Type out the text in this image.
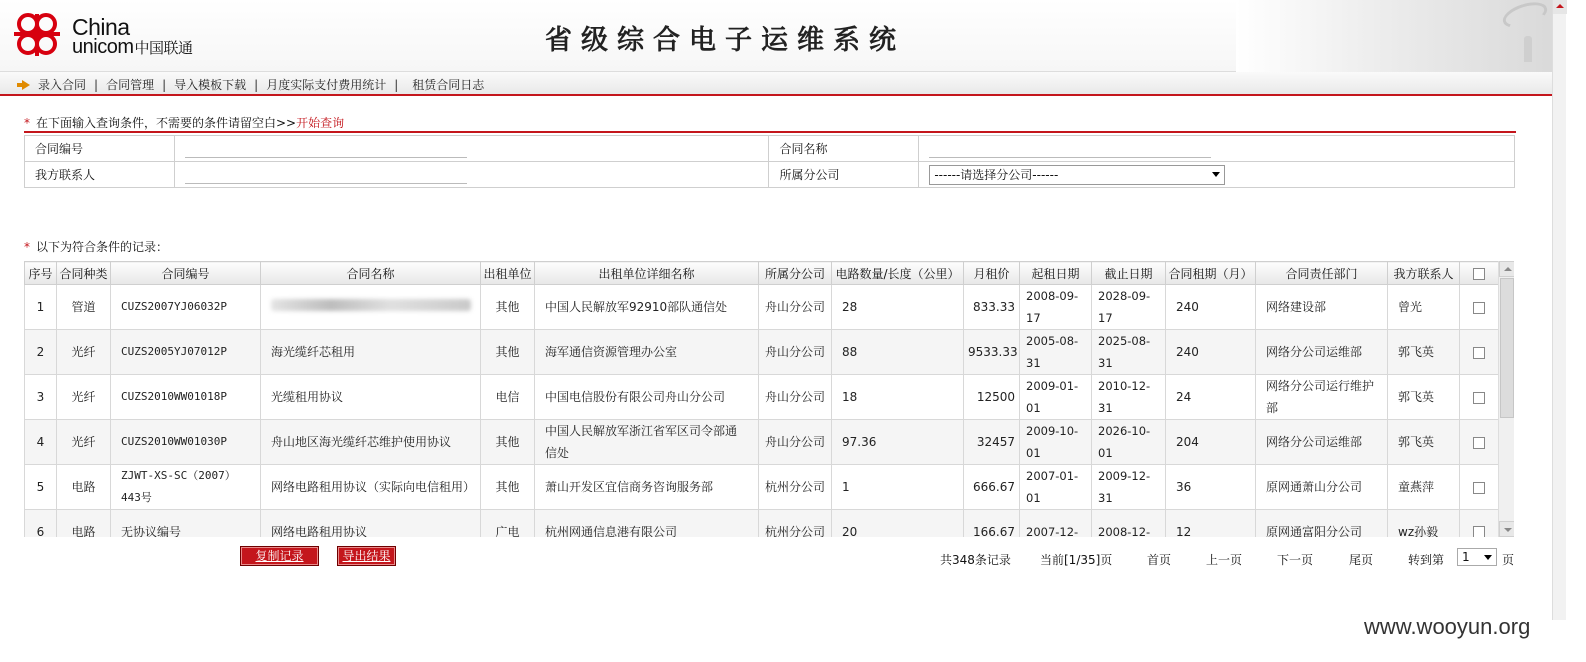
China
unicom中国联通	省级综合电子运维系统
录入合同 | 合同管理 | 导入模板下载 | 月度实际支付费用统计 | 租赁合同日志
* 在下面输入查询条件，不需要的条件请留空白>> 开始查询
合同编号		合同名称	
我方联系人		所属分公司	------请选择分公司------
* 以下为符合条件的记录：
序号	合同种类	合同编号	合同名称	出租单位	出租单位详细名称	所属分公司	电路数量/长度（公里）	月租价	起租日期	截止日期	合同租期（月）	合同责任部门	我方联系人	
1	管道	CUZS2007YJ06032P		其他	中国人民解放军92910部队通信处	舟山分公司	28	833.33	2008-09-17	2028-09-17	240	网络建设部	曾光	
2	光纤	CUZS2005YJ07012P	海光缆纤芯租用	其他	海军通信资源管理办公室	舟山分公司	88	9533.33	2005-08-31	2025-08-31	240	网络分公司运维部	郭飞英	
3	光纤	CUZS2010WW01018P	光缆租用协议	电信	中国电信股份有限公司舟山分公司	舟山分公司	18	12500	2009-01-01	2010-12-31	24	网络分公司运行维护部	郭飞英	
4	光纤	CUZS2010WW01030P	舟山地区海光缆纤芯维护使用协议	其他	中国人民解放军浙江省军区司令部通信处	舟山分公司	97.36	32457	2009-10-01	2026-10-01	204	网络分公司运维部	郭飞英	
5	电路	ZJWT-XS-SC（2007）443号	网络电路租用协议（实际向电信租用）	其他	萧山开发区宜信商务咨询服务部	杭州分公司	1	666.67	2007-01-01	2009-12-31	36	原网通萧山分公司	童燕萍	
6	电路	无协议编号	网络电路租用协议	广电	杭州网通信息港有限公司	杭州分公司	20	166.67	2007-12-	2008-12-	12	原网通富阳分公司	wz孙毅	
复制记录	导出结果	共348条记录 当前[1/35]页	首页	上一页	下一页	尾页	转到第 1	页
www.wooyun.org
